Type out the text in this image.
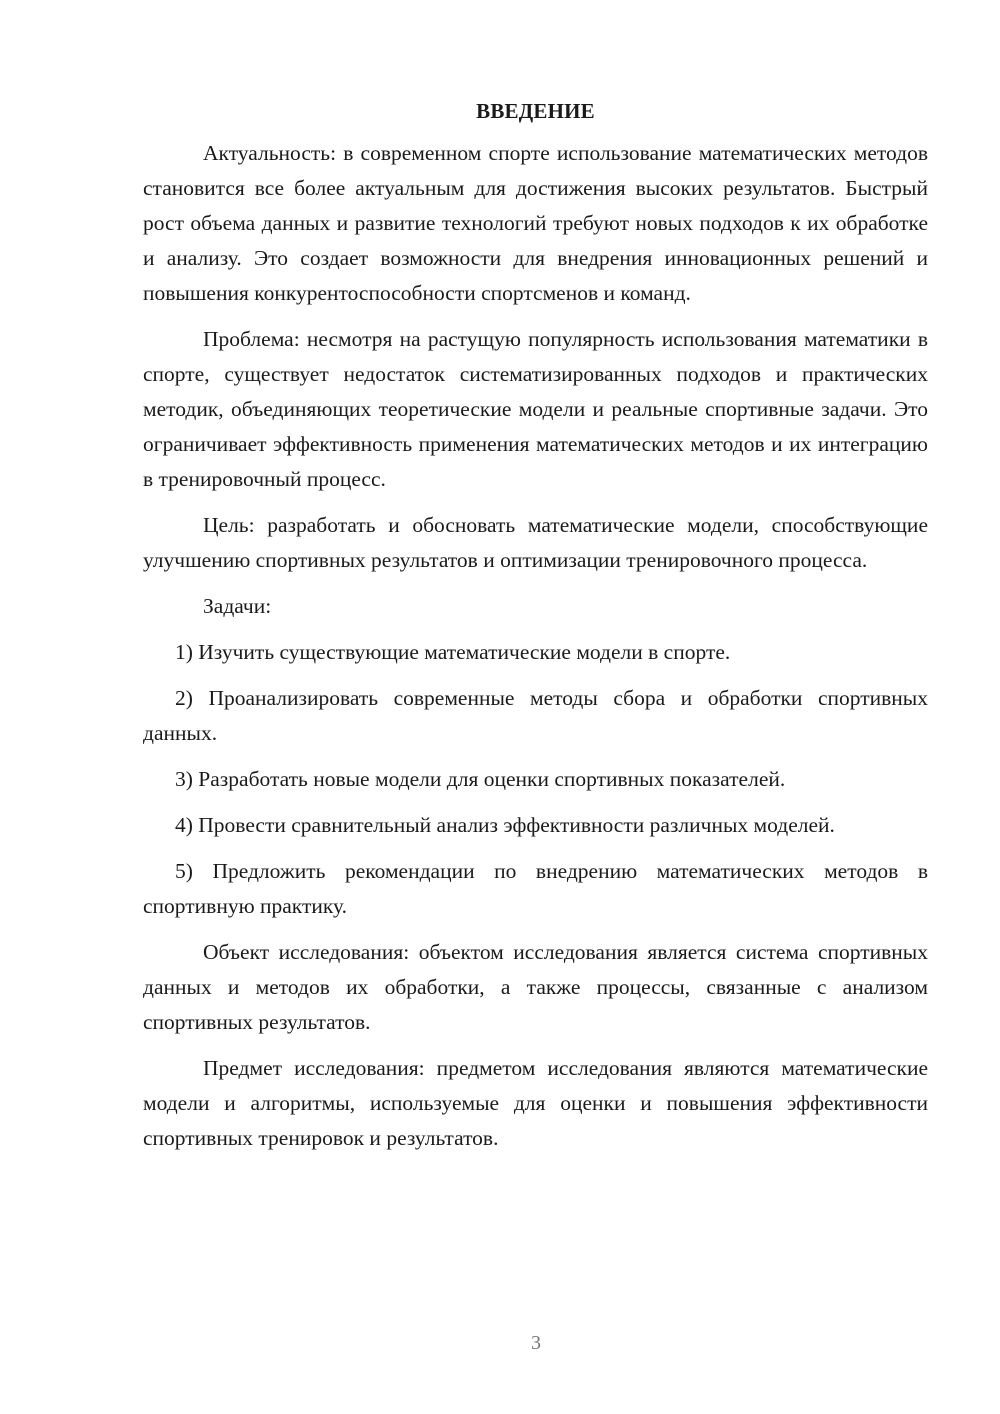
ВВЕДЕНИЕ

Актуальность: в современном спорте использование математических методов становится все более актуальным для достижения высоких результатов. Быстрый рост объема данных и развитие технологий требуют новых подходов к их обработке и анализу. Это создает возможности для внедрения инновационных решений и повышения конкурентоспособности спортсменов и команд.

Проблема: несмотря на растущую популярность использования математики в спорте, существует недостаток систематизированных подходов и практических методик, объединяющих теоретические модели и реальные спортивные задачи. Это ограничивает эффективность применения математических методов и их интеграцию в тренировочный процесс.

Цель: разработать и обосновать математические модели, способствующие улучшению спортивных результатов и оптимизации тренировочного процесса.

Задачи:

1) Изучить существующие математические модели в спорте.

2) Проанализировать современные методы сбора и обработки спортивных данных.

3) Разработать новые модели для оценки спортивных показателей.

4) Провести сравнительный анализ эффективности различных моделей.

5) Предложить рекомендации по внедрению математических методов в спортивную практику.

Объект исследования: объектом исследования является система спортивных данных и методов их обработки, а также процессы, связанные с анализом спортивных результатов.

Предмет исследования: предметом исследования являются математические модели и алгоритмы, используемые для оценки и повышения эффективности спортивных тренировок и результатов.

3
